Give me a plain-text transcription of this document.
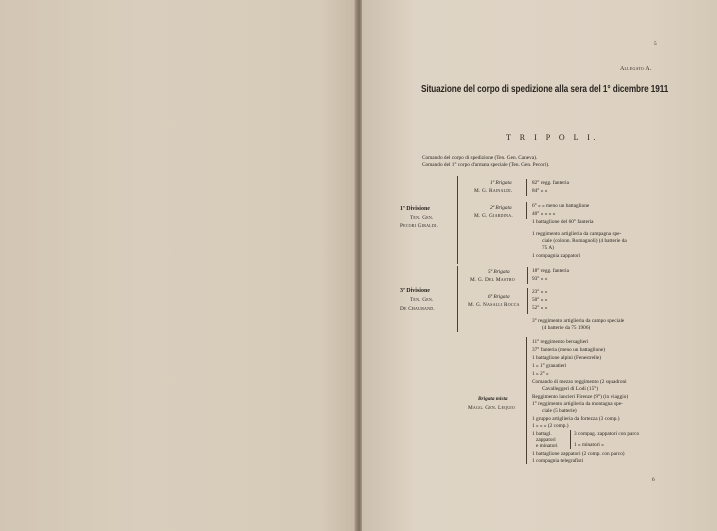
5
Allegato A.
Situazione del corpo di spedizione alla sera del 1° dicembre 1911
T R I P O L I.
Comando del corpo di spedizione (Ten. Gen. Caneva).
Comando del 1° corpo d'armata speciale (Ten. Gen. Pecori).
1ª Divisione
Ten. Gen.
Pecori Giraldi.
1ª Brigata
M. G. Rainaldi.
82° regg. fanteria
84° » »
2ª Brigata
M. G. Giardina.
6° » » meno un battaglione
40° » » » »
1 battaglione del 60° fanteria
1 reggimento artiglieria da campagna spe-
ciale (colonn. Romagnoli) (4 batterie da
75 A)
1 compagnia zappatori
3ª Divisione
Ten. Gen.
De Chaurand.
5ª Brigata
M. G. Del Mastro
18° regg. fanteria
93° » »
6ª Brigata
M. G. Nasalli Rocca
23° » »
50° » »
52° » »
3° reggimento artiglieria da campo speciale
(4 batterie da 75 1906)
Brigata mista
Magg. Gen. Lequio
11° reggimento bersaglieri
37° fanteria (meno un battaglione)
1 battaglione alpini (Fenestrelle)
1 » 1° granatieri
1 » 2° »
Comando di mezzo reggimento (2 squadroni
Cavalleggeri di Lodi (15°)
Reggimento lancieri Firenze (9°) (in viaggio)
1° reggimento artiglieria da montagna spe-
ciale (5 batterie)
1 gruppo artiglieria da fortezza (3 comp.)
1 » » » (2 comp.)
1 battagl.
zappatori
e minatori
3 compag. zappatori con parco
1 » minatori »
1 battaglione zappatori (2 comp. con parco)
1 compagnia telegrafisti
6
